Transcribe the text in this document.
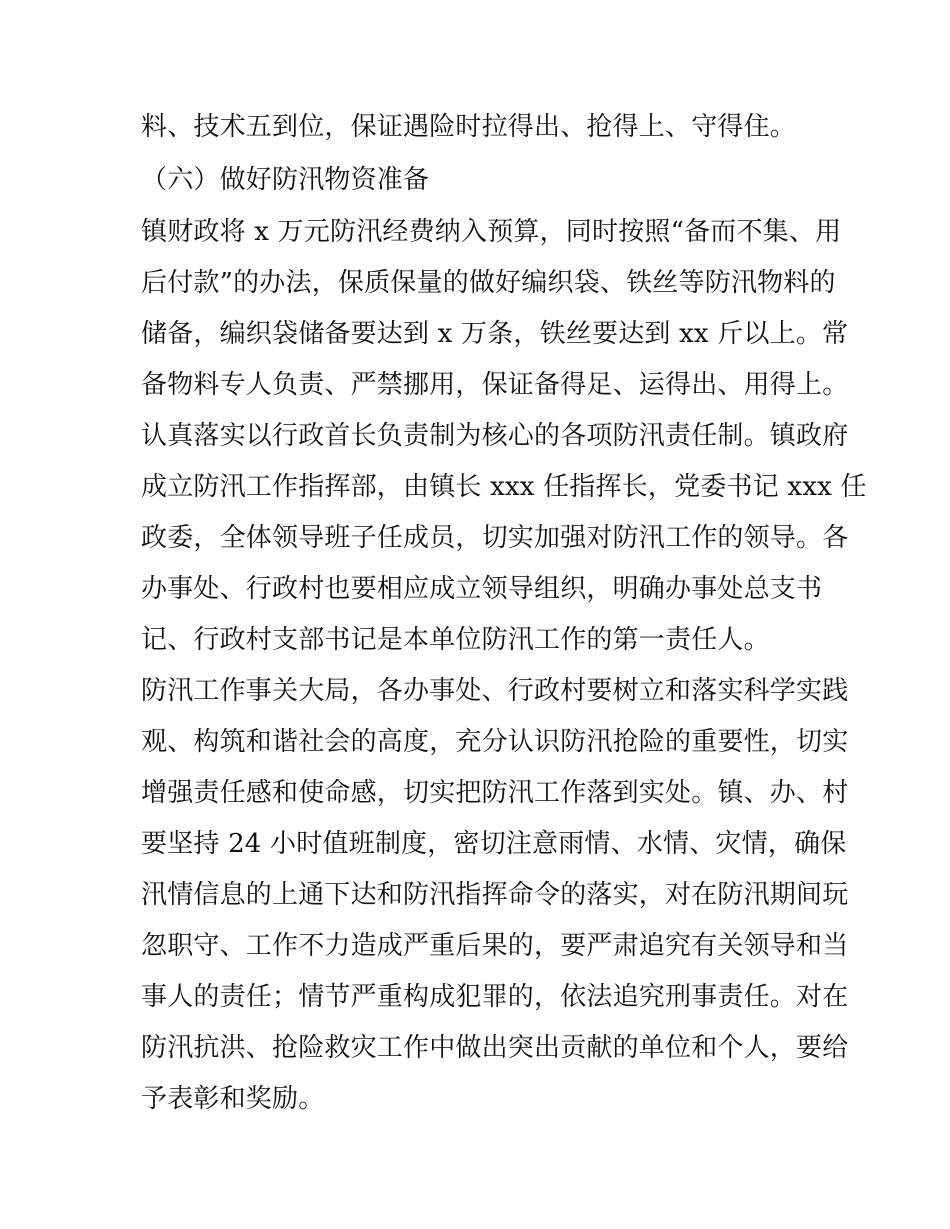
料、技术五到位，保证遇险时拉得出、抢得上、守得住。
（六）做好防汛物资准备
镇财政将 x 万元防汛经费纳入预算，同时按照“备而不集、用
后付款”的办法，保质保量的做好编织袋、铁丝等防汛物料的
储备，编织袋储备要达到 x 万条，铁丝要达到 xx 斤以上。常
备物料专人负责、严禁挪用，保证备得足、运得出、用得上。
认真落实以行政首长负责制为核心的各项防汛责任制。镇政府
成立防汛工作指挥部，由镇长 xxx 任指挥长，党委书记 xxx 任
政委，全体领导班子任成员，切实加强对防汛工作的领导。各
办事处、行政村也要相应成立领导组织，明确办事处总支书
记、行政村支部书记是本单位防汛工作的第一责任人。
防汛工作事关大局，各办事处、行政村要树立和落实科学实践
观、构筑和谐社会的高度，充分认识防汛抢险的重要性，切实
增强责任感和使命感，切实把防汛工作落到实处。镇、办、村
要坚持 24 小时值班制度，密切注意雨情、水情、灾情，确保
汛情信息的上通下达和防汛指挥命令的落实，对在防汛期间玩
忽职守、工作不力造成严重后果的，要严肃追究有关领导和当
事人的责任；情节严重构成犯罪的，依法追究刑事责任。对在
防汛抗洪、抢险救灾工作中做出突出贡献的单位和个人，要给
予表彰和奖励。
